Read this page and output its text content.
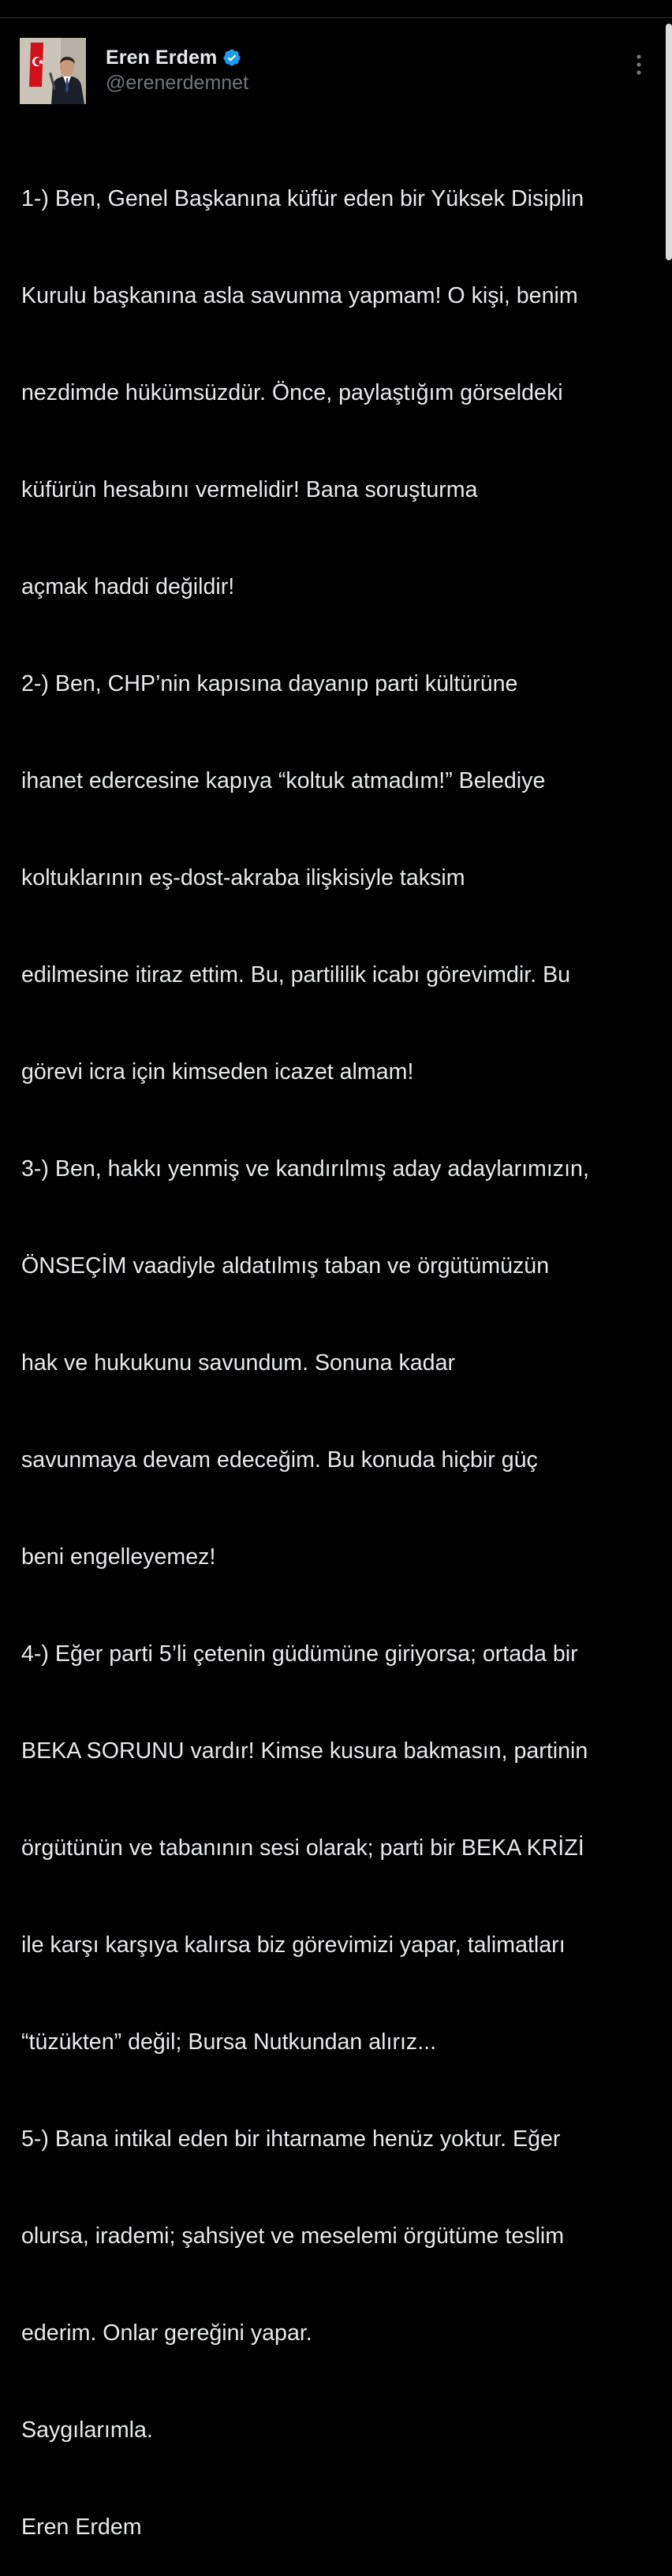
Eren Erdem
@erenerdemnet

1-) Ben, Genel Başkanına küfür eden bir Yüksek Disiplin

Kurulu başkanına asla savunma yapmam! O kişi, benim

nezdimde hükümsüzdür. Önce, paylaştığım görseldeki

küfürün hesabını vermelidir! Bana soruşturma

açmak haddi değildir!

2-) Ben, CHP’nin kapısına dayanıp parti kültürüne

ihanet edercesine kapıya “koltuk atmadım!” Belediye

koltuklarının eş-dost-akraba ilişkisiyle taksim

edilmesine itiraz ettim. Bu, partililik icabı görevimdir. Bu

görevi icra için kimseden icazet almam!

3-) Ben, hakkı yenmiş ve kandırılmış aday adaylarımızın,

ÖNSEÇİM vaadiyle aldatılmış taban ve örgütümüzün

hak ve hukukunu savundum. Sonuna kadar

savunmaya devam edeceğim. Bu konuda hiçbir güç

beni engelleyemez!

4-) Eğer parti 5’li çetenin güdümüne giriyorsa; ortada bir

BEKA SORUNU vardır! Kimse kusura bakmasın, partinin

örgütünün ve tabanının sesi olarak; parti bir BEKA KRİZİ

ile karşı karşıya kalırsa biz görevimizi yapar, talimatları

“tüzükten” değil; Bursa Nutkundan alırız...

5-) Bana intikal eden bir ihtarname henüz yoktur. Eğer

olursa, irademi; şahsiyet ve meselemi örgütüme teslim

ederim. Onlar gereğini yapar.

Saygılarımla.

Eren Erdem
